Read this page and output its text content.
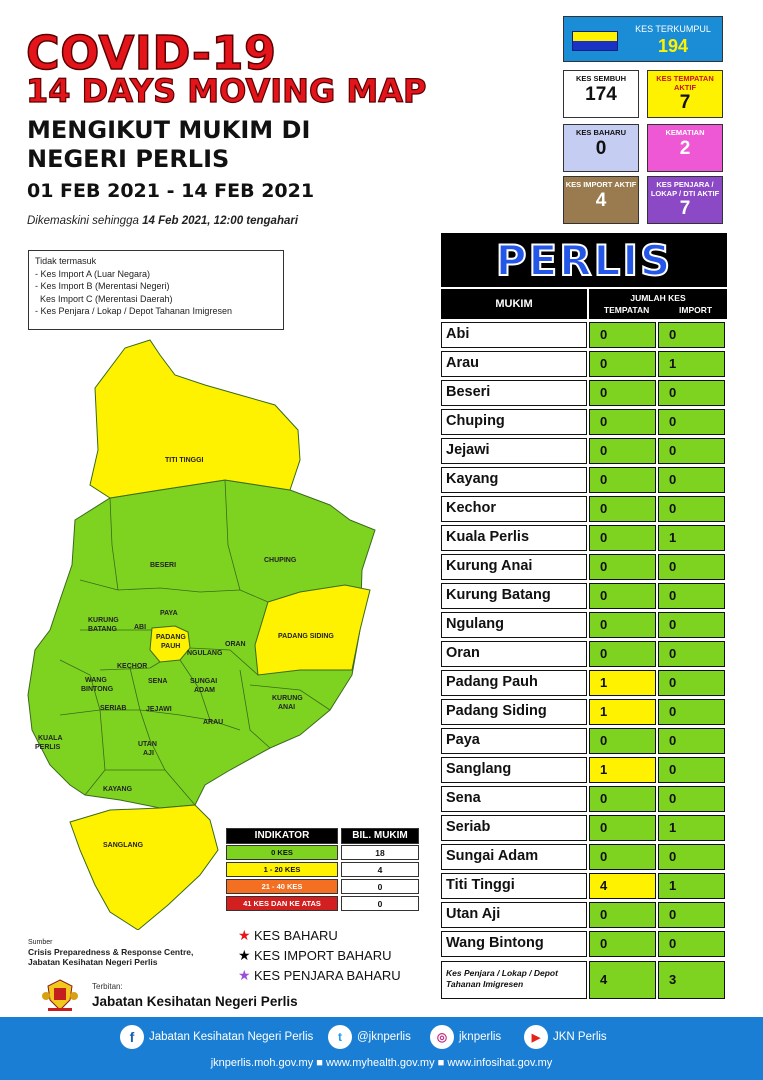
COVID-19
14 DAYS MOVING MAP
MENGIKUT MUKIM DI NEGERI PERLIS
01 FEB 2021 - 14 FEB 2021
Dikemaskini sehingga 14 Feb 2021, 12:00 tengahari
Tidak termasuk
- Kes Import A (Luar Negara)
- Kes Import B (Merentasi Negeri)
Kes Import C (Merentasi Daerah)
- Kes Penjara / Lokap / Depot Tahanan Imigresen
KES TERKUMPUL
194
KES SEMBUH
174
KES TEMPATAN AKTIF
7
KES BAHARU
0
KEMATIAN
2
KES IMPORT AKTIF
4
KES PENJARA / LOKAP / DTI AKTIF
7
TITI TINGGI
BESERI
CHUPING
KURUNG
BATANG ABI
PAYA
PADANG
PAUH
NGULANG
ORAN
PADANG SIDING
KECHOR
WANG
BINTONG
SENA	SUNGAI
ADAM
KURUNG
ANAI
SERIAB	JEJAWI
ARAU
KUALA
PERLIS	UTAN
AJI
KAYANG
SANGLANG
INDIKATOR	BIL. MUKIM
0 KES	18
1 - 20 KES	4
21 - 40 KES	0
41 KES DAN KE ATAS	0
★ KES BAHARU
★ KES IMPORT BAHARU
★ KES PENJARA BAHARU
Sumber
Crisis Preparedness & Response Centre,
Jabatan Kesihatan Negeri Perlis
Terbitan:
Jabatan Kesihatan Negeri Perlis
PERLIS
MUKIM	JUMLAH KES
TEMPATAN	IMPORT
Abi	0	0
Arau	0	1
Beseri	0	0
Chuping	0	0
Jejawi	0	0
Kayang	0	0
Kechor	0	0
Kuala Perlis	0	1
Kurung Anai	0	0
Kurung Batang	0	0
Ngulang	0	0
Oran	0	0
Padang Pauh	1	0
Padang Siding	1	0
Paya	0	0
Sanglang	1	0
Sena	0	0
Seriab	0	1
Sungai Adam	0	0
Titi Tinggi	4	1
Utan Aji	0	0
Wang Bintong	0	0
Kes Penjara / Lokap / Depot Tahanan Imigresen	4	3
f	Jabatan Kesihatan Negeri Perlis	t	@jknperlis	◎	jknperlis	▶	JKN Perlis
jknperlis.moh.gov.my ■ www.myhealth.gov.my ■ www.infosihat.gov.my
